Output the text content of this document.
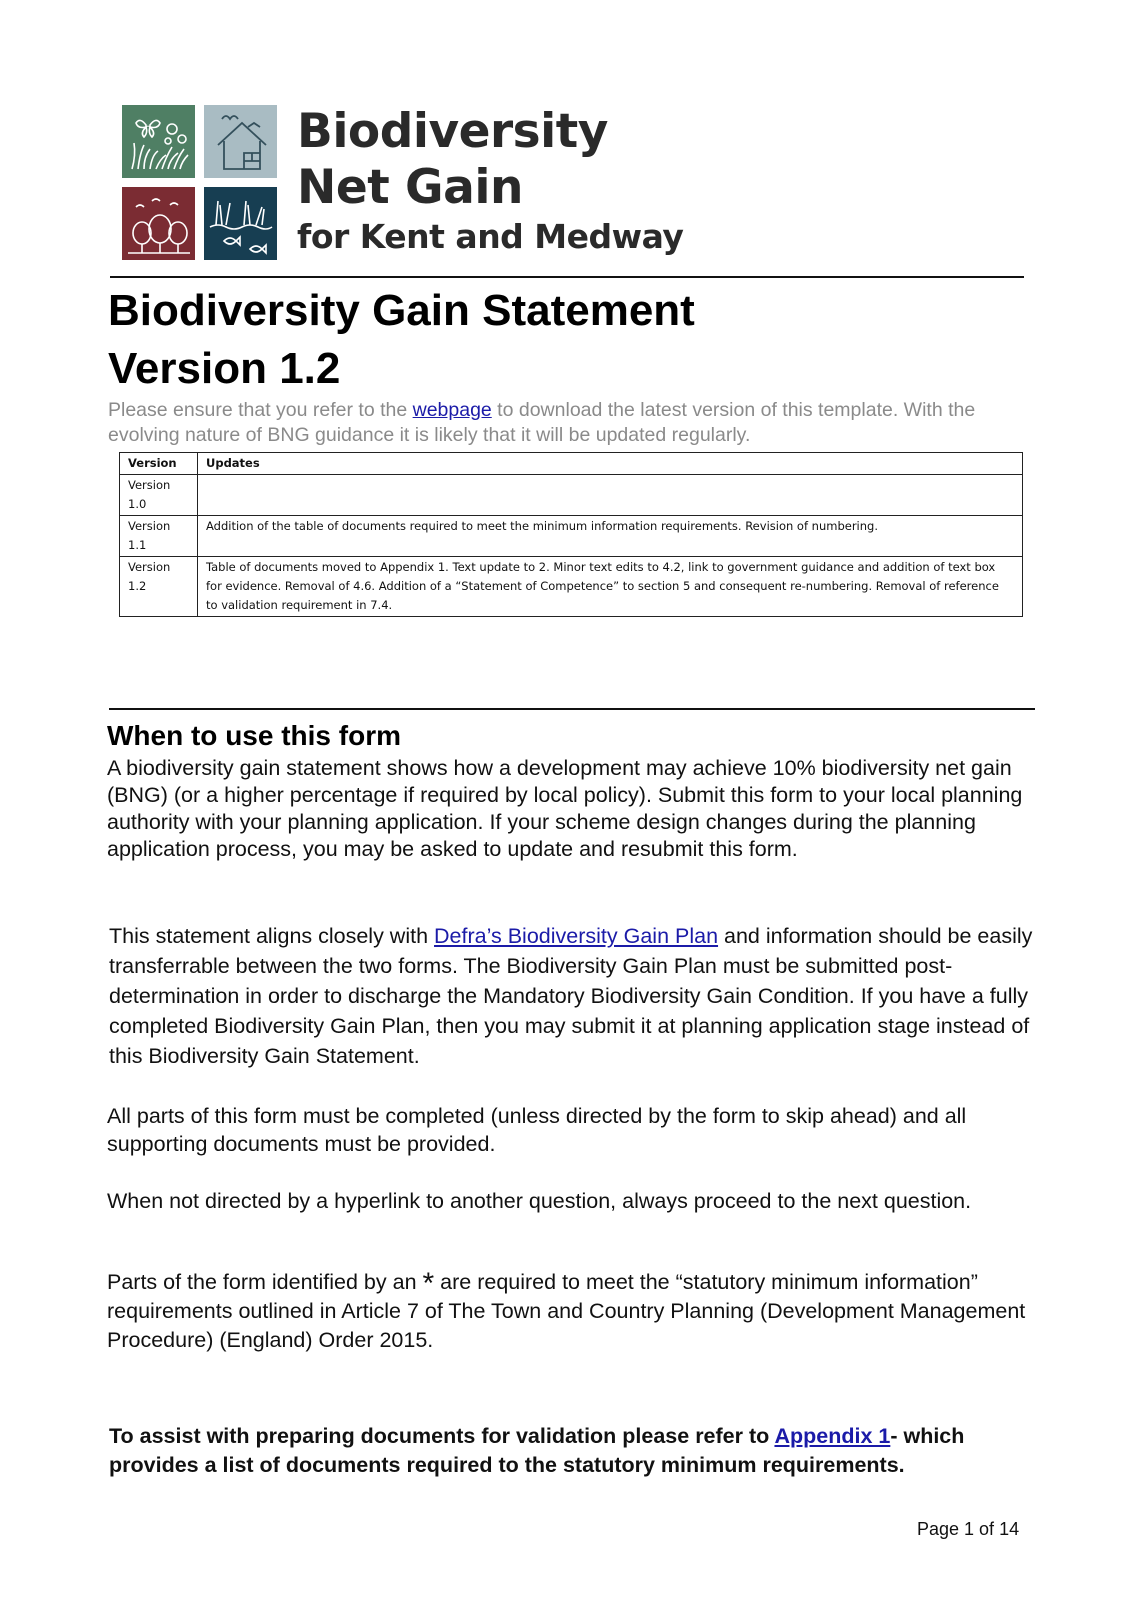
Biodiversity
Net Gain
for Kent and Medway
Biodiversity Gain Statement
Version 1.2
Please ensure that you refer to the webpage to download the latest version of this template. With the evolving nature of BNG guidance it is likely that it will be updated regularly.
Version	Updates
Version 1.0	
Version 1.1	Addition of the table of documents required to meet the minimum information requirements. Revision of numbering.
Version 1.2	Table of documents moved to Appendix 1. Text update to 2. Minor text edits to 4.2, link to government guidance and addition of text box for evidence. Removal of 4.6. Addition of a “Statement of Competence” to section 5 and consequent re-numbering. Removal of reference to validation requirement in 7.4.
When to use this form
A biodiversity gain statement shows how a development may achieve 10% biodiversity net gain (BNG) (or a higher percentage if required by local policy). Submit this form to your local planning authority with your planning application. If your scheme design changes during the planning application process, you may be asked to update and resubmit this form.
This statement aligns closely with Defra’s Biodiversity Gain Plan and information should be easily transferrable between the two forms. The Biodiversity Gain Plan must be submitted post-determination in order to discharge the Mandatory Biodiversity Gain Condition. If you have a fully completed Biodiversity Gain Plan, then you may submit it at planning application stage instead of this Biodiversity Gain Statement.
All parts of this form must be completed (unless directed by the form to skip ahead) and all supporting documents must be provided.
When not directed by a hyperlink to another question, always proceed to the next question.
Parts of the form identified by an * are required to meet the “statutory minimum information” requirements outlined in Article 7 of The Town and Country Planning (Development Management Procedure) (England) Order 2015.
To assist with preparing documents for validation please refer to Appendix 1- which provides a list of documents required to the statutory minimum requirements.
Page 1 of 14
